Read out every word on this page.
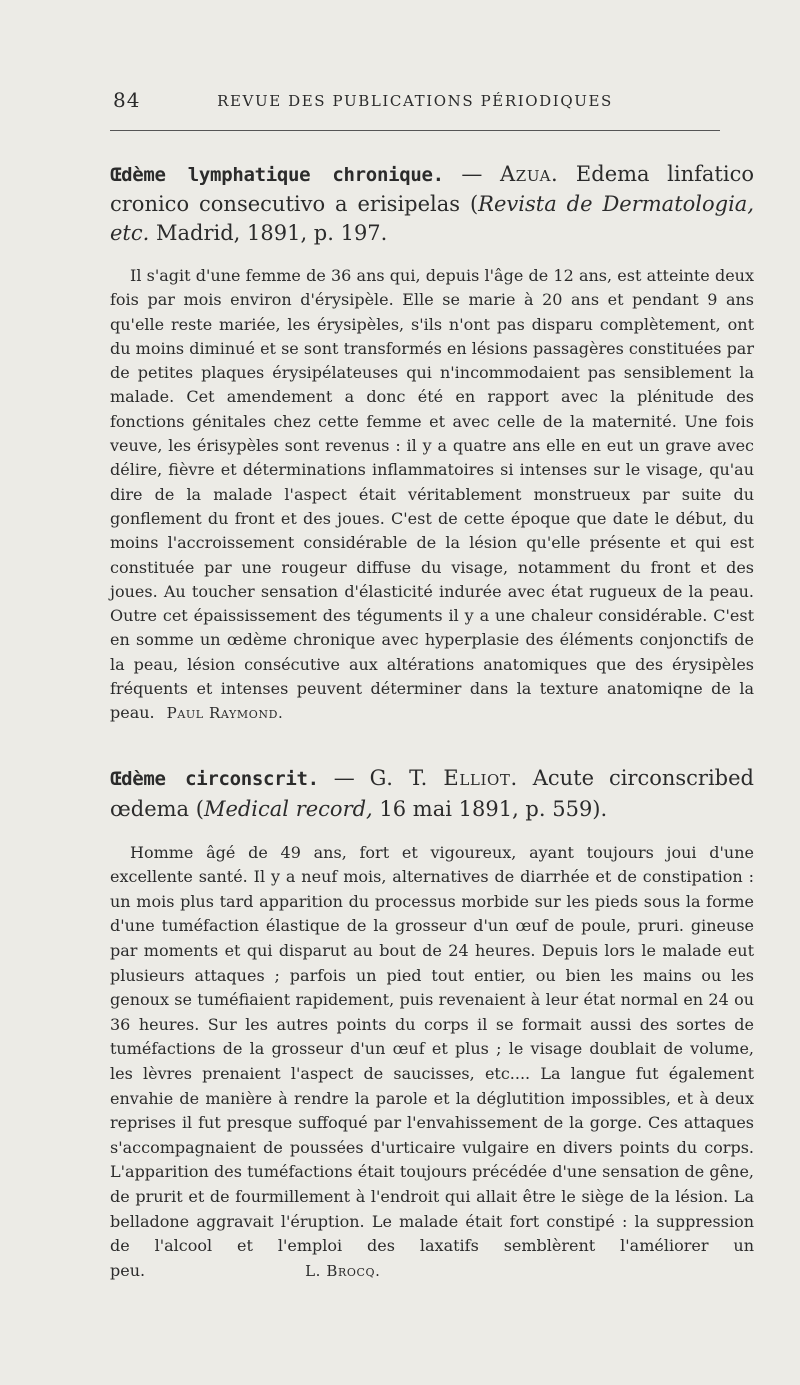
84	REVUE DES PUBLICATIONS PÉRIODIQUES

Œdème lymphatique chronique. — Azua. Edema linfatico cronico consecutivo a erisipelas (Revista de Dermatologia, etc. Madrid, 1891, p. 197.

Il s'agit d'une femme de 36 ans qui, depuis l'âge de 12 ans, est atteinte deux fois par mois environ d'érysipèle. Elle se marie à 20 ans et pendant 9 ans qu'elle reste mariée, les érysipèles, s'ils n'ont pas disparu complètement, ont du moins diminué et se sont transformés en lésions passagères constituées par de petites plaques érysipélateuses qui n'incommodaient pas sensiblement la malade. Cet amendement a donc été en rapport avec la plénitude des fonctions génitales chez cette femme et avec celle de la maternité. Une fois veuve, les érisypèles sont revenus : il y a quatre ans elle en eut un grave avec délire, fièvre et déterminations inflammatoires si intenses sur le visage, qu'au dire de la malade l'aspect était véritablement monstrueux par suite du gonflement du front et des joues. C'est de cette époque que date le début, du moins l'accroissement considérable de la lésion qu'elle présente et qui est constituée par une rougeur diffuse du visage, notamment du front et des joues. Au toucher sensation d'élasticité indurée avec état rugueux de la peau. Outre cet épaississement des téguments il y a une chaleur considérable. C'est en somme un œdème chronique avec hyperplasie des éléments conjonctifs de la peau, lésion consécutive aux altérations anatomiques que des érysipèles fréquents et intenses peuvent déterminer dans la texture anatomiqne de la peau. Paul Raymond.

Œdème circonscrit. — G. T. Elliot. Acute circonscribed œdema (Medical record, 16 mai 1891, p. 559).

Homme âgé de 49 ans, fort et vigoureux, ayant toujours joui d'une excellente santé. Il y a neuf mois, alternatives de diarrhée et de constipation : un mois plus tard apparition du processus morbide sur les pieds sous la forme d'une tuméfaction élastique de la grosseur d'un œuf de poule, pruri. gineuse par moments et qui disparut au bout de 24 heures. Depuis lors le malade eut plusieurs attaques ; parfois un pied tout entier, ou bien les mains ou les genoux se tuméfiaient rapidement, puis revenaient à leur état normal en 24 ou 36 heures. Sur les autres points du corps il se formait aussi des sortes de tuméfactions de la grosseur d'un œuf et plus ; le visage doublait de volume, les lèvres prenaient l'aspect de saucisses, etc.... La langue fut également envahie de manière à rendre la parole et la déglutition impossibles, et à deux reprises il fut presque suffoqué par l'envahissement de la gorge. Ces attaques s'accompagnaient de poussées d'urticaire vulgaire en divers points du corps. L'apparition des tuméfactions était toujours précédée d'une sensation de gêne, de prurit et de fourmillement à l'endroit qui allait être le siège de la lésion. La belladone aggravait l'éruption. Le malade était fort constipé : la suppression de l'alcool et l'emploi des laxatifs semblèrent l'améliorer un peu.	L. Brocq.
